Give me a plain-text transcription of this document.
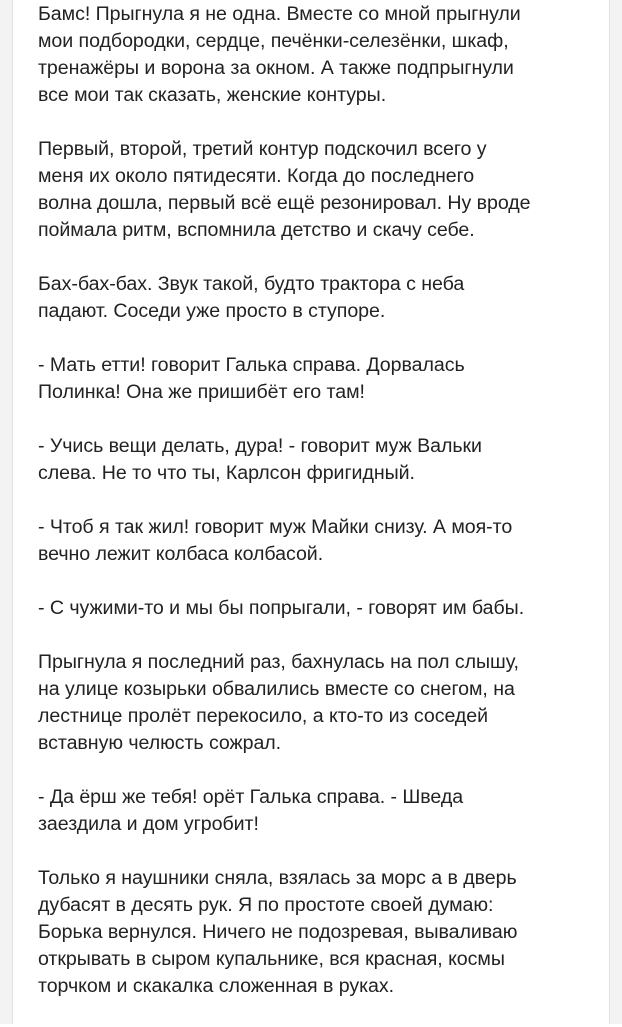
Бамс! Прыгнула я не одна. Вместе со мной прыгнули
мои подбородки, сердце, печёнки-селезёнки, шкаф,
тренажёры и ворона за окном. А также подпрыгнули
все мои так сказать, женские контуры.

Первый, второй, третий контур подскочил всего у
меня их около пятидесяти. Когда до последнего
волна дошла, первый всё ещё резонировал. Ну вроде
поймала ритм, вспомнила детство и скачу себе.

Бах-бах-бах. Звук такой, будто трактора с неба
падают. Соседи уже просто в ступоре.

- Мать етти! говорит Галька справа. Дорвалась
Полинка! Она же пришибёт его там!

- Учись вещи делать, дура! - говорит муж Вальки
слева. Не то что ты, Карлсон фригидный.

- Чтоб я так жил! говорит муж Майки снизу. А моя-то
вечно лежит колбаса колбасой.

- С чужими-то и мы бы попрыгали, - говорят им бабы.

Прыгнула я последний раз, бахнулась на пол слышу,
на улице козырьки обвалились вместе со снегом, на
лестнице пролёт перекосило, а кто-то из соседей
вставную челюсть сожрал.

- Да ёрш же тебя! орёт Галька справа. - Шведа
заездила и дом угробит!

Только я наушники сняла, взялась за морс а в дверь
дубасят в десять рук. Я по простоте своей думаю:
Борька вернулся. Ничего не подозревая, вываливаю
открывать в сыром купальнике, вся красная, космы
торчком и скакалка сложенная в руках.
